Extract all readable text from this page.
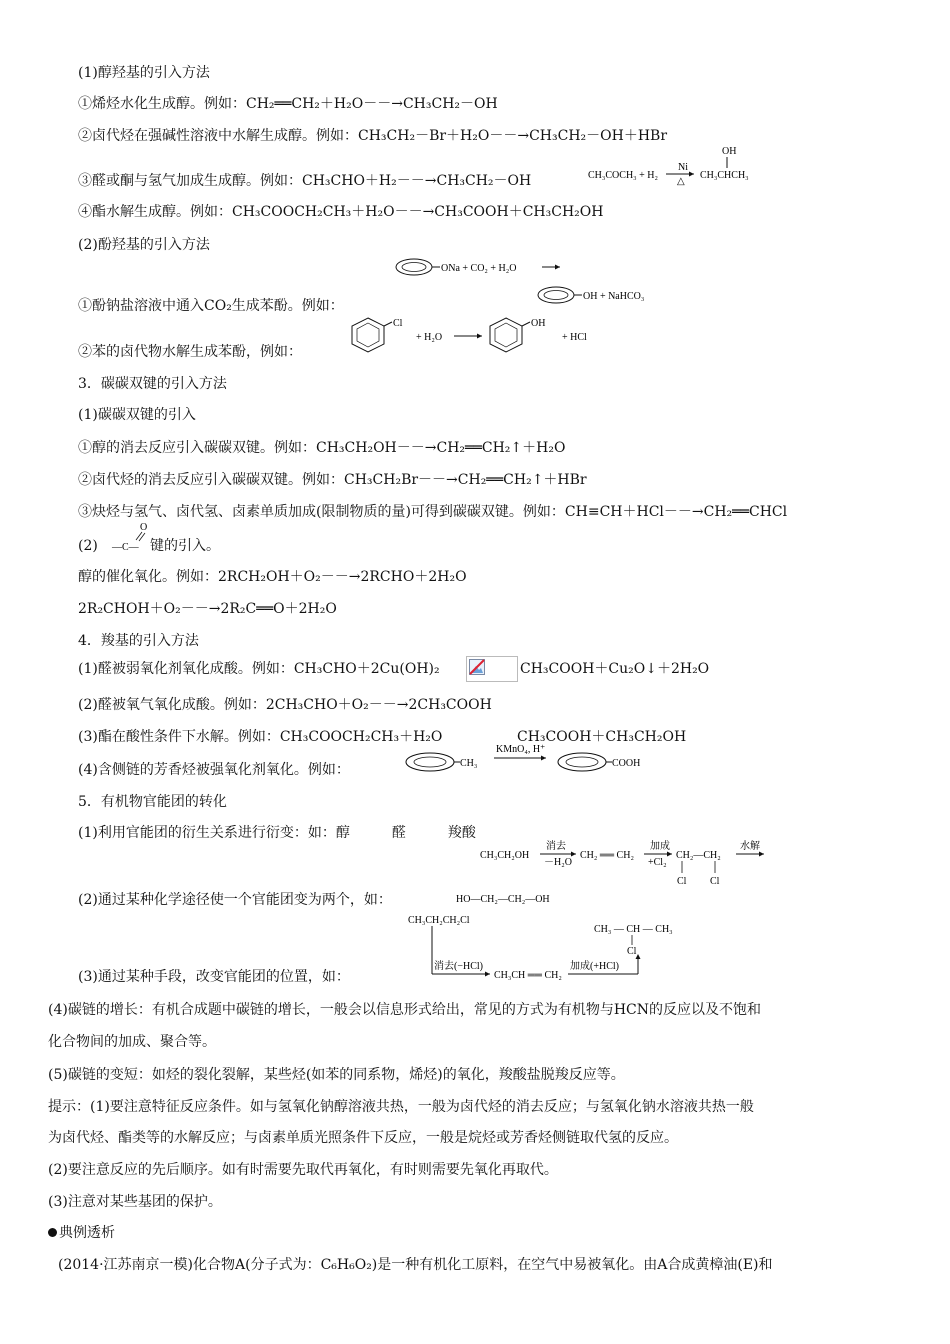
(1)醇羟基的引入方法
①烯烃水化生成醇。例如：CH₂══CH₂＋H₂O－－→CH₃CH₂－OH
②卤代烃在强碱性溶液中水解生成醇。例如：CH₃CH₂－Br＋H₂O－－→CH₃CH₂－OH＋HBr
③醛或酮与氢气加成生成醇。例如：CH₃CHO＋H₂－－→CH₃CH₂－OH	CH₃COCH₃ + H₂
Ni
△
CH₃CHCH₃
OH
④酯水解生成醇。例如：CH₃COOCH₂CH₃＋H₂O－－→CH₃COOH＋CH₃CH₂OH
(2)酚羟基的引入方法
ONa + CO₂ + H₂O
OH + NaHCO₃
①酚钠盐溶液中通入CO₂生成苯酚。例如：
Cl
+ H₂O
OH
+ HCl
②苯的卤代物水解生成苯酚，例如：
3．碳碳双键的引入方法
(1)碳碳双键的引入
①醇的消去反应引入碳碳双键。例如：CH₃CH₂OH－－→CH₂══CH₂↑＋H₂O
②卤代烃的消去反应引入碳碳双键。例如：CH₃CH₂Br－－→CH₂══CH₂↑＋HBr
③炔烃与氢气、卤代氢、卤素单质加成(限制物质的量)可得到碳碳双键。例如：CH≡CH＋HCl－－→CH₂══CHCl
(2)
O
—C— 键的引入。
醇的催化氧化。例如：2RCH₂OH＋O₂－－→2RCHO＋2H₂O
2R₂CHOH＋O₂－－→2R₂C══O＋2H₂O
4．羧基的引入方法
(1)醛被弱氧化剂氧化成酸。例如：CH₃CHO＋2Cu(OH)₂	CH₃COOH＋Cu₂O↓＋2H₂O
(2)醛被氧气氧化成酸。例如：2CH₃CHO＋O₂－－→2CH₃COOH
(3)酯在酸性条件下水解。例如：CH₃COOCH₂CH₃＋H₂O	CH₃COOH＋CH₃CH₂OH
(4)含侧链的芳香烃被强氧化剂氧化。例如：	CH₃
KMnO₄, H⁺
COOH
5．有机物官能团的转化
(1)利用官能团的衍生关系进行衍变：如：醇　　　醛　　　羧酸
CH₃CH₂OH
消去
－H₂O
CH₂ ══ CH₂
加成
+Cl₂
CH₂—CH₂
Cl Cl
水解
(2)通过某种化学途径使一个官能团变为两个，如：	HO—CH₂—CH₂—OH
CH₃CH₂CH₂Cl
消去(−HCl)
CH₃CH ══ CH₂
加成(+HCl)
CH₃ — CH — CH₃
Cl
(3)通过某种手段，改变官能团的位置，如：
(4)碳链的增长：有机合成题中碳链的增长，一般会以信息形式给出，常见的方式为有机物与HCN的反应以及不饱和
化合物间的加成、聚合等。
(5)碳链的变短：如烃的裂化裂解，某些烃(如苯的同系物，烯烃)的氧化，羧酸盐脱羧反应等。
提示：(1)要注意特征反应条件。如与氢氧化钠醇溶液共热，一般为卤代烃的消去反应；与氢氧化钠水溶液共热一般
为卤代烃、酯类等的水解反应；与卤素单质光照条件下反应，一般是烷烃或芳香烃侧链取代氢的反应。
(2)要注意反应的先后顺序。如有时需要先取代再氧化，有时则需要先氧化再取代。
(3)注意对某些基团的保护。
典例透析
(2014·江苏南京一模)化合物A(分子式为：C₆H₆O₂)是一种有机化工原料，在空气中易被氧化。由A合成黄樟油(E)和
